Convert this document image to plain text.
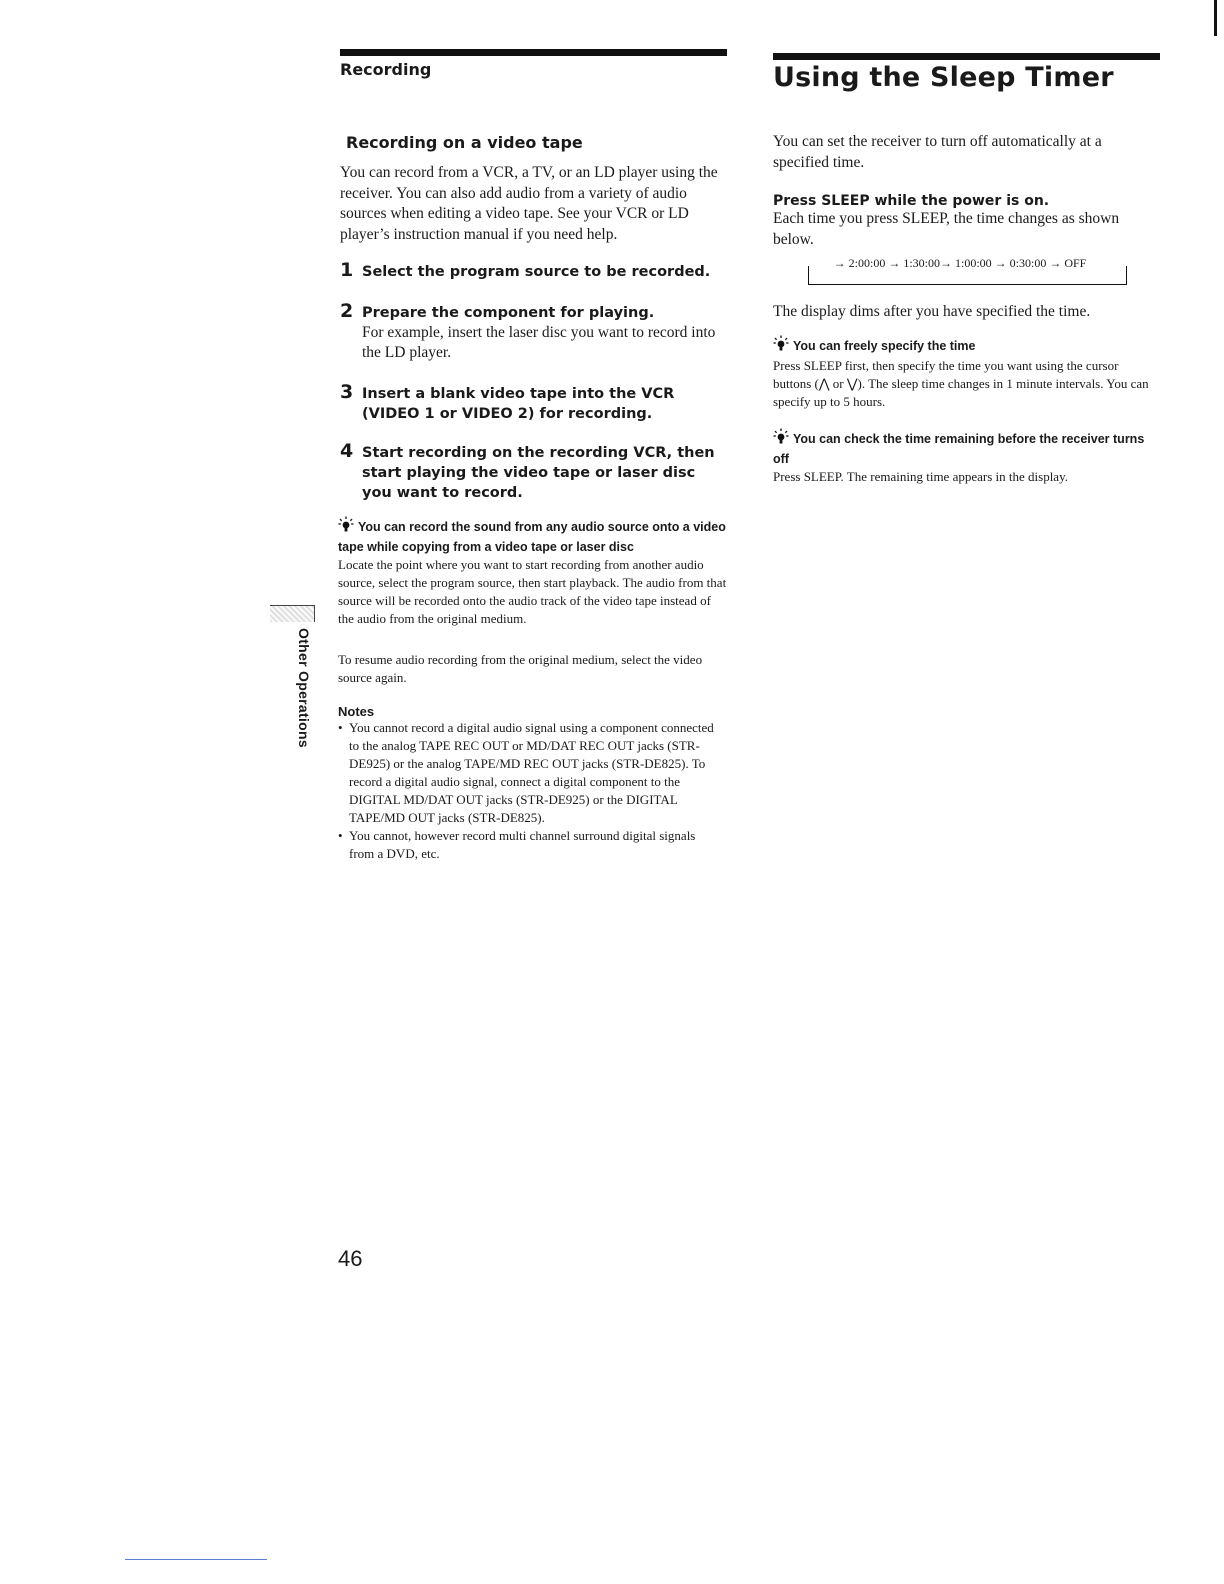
Recording
Recording on a video tape
You can record from a VCR, a TV, or an LD player using the receiver. You can also add audio from a variety of audio sources when editing a video tape. See your VCR or LD player’s instruction manual if you need help.
1 Select the program source to be recorded.
2 Prepare the component for playing.
For example, insert the laser disc you want to record into the LD player.
3 Insert a blank video tape into the VCR (VIDEO 1 or VIDEO 2) for recording.
4 Start recording on the recording VCR, then start playing the video tape or laser disc you want to record.
You can record the sound from any audio source onto a video tape while copying from a video tape or laser disc
Locate the point where you want to start recording from another audio source, select the program source, then start playback. The audio from that source will be recorded onto the audio track of the video tape instead of the audio from the original medium.
To resume audio recording from the original medium, select the video source again.
Notes
• You cannot record a digital audio signal using a component connected to the analog TAPE REC OUT or MD/DAT REC OUT jacks (STR-DE925) or the analog TAPE/MD REC OUT jacks (STR-DE825). To record a digital audio signal, connect a digital component to the DIGITAL MD/DAT OUT jacks (STR-DE925) or the DIGITAL TAPE/MD OUT jacks (STR-DE825).
• You cannot, however record multi channel surround digital signals from a DVD, etc.
Other Operations
46
Using the Sleep Timer
You can set the receiver to turn off automatically at a specified time.
Press SLEEP while the power is on.
Each time you press SLEEP, the time changes as shown below.
→ 2:00:00 → 1:30:00→ 1:00:00 → 0:30:00 → OFF
The display dims after you have specified the time.
You can freely specify the time
Press SLEEP first, then specify the time you want using the cursor buttons (⋀ or ⋁). The sleep time changes in 1 minute intervals. You can specify up to 5 hours.
You can check the time remaining before the receiver turns off
Press SLEEP. The remaining time appears in the display.
